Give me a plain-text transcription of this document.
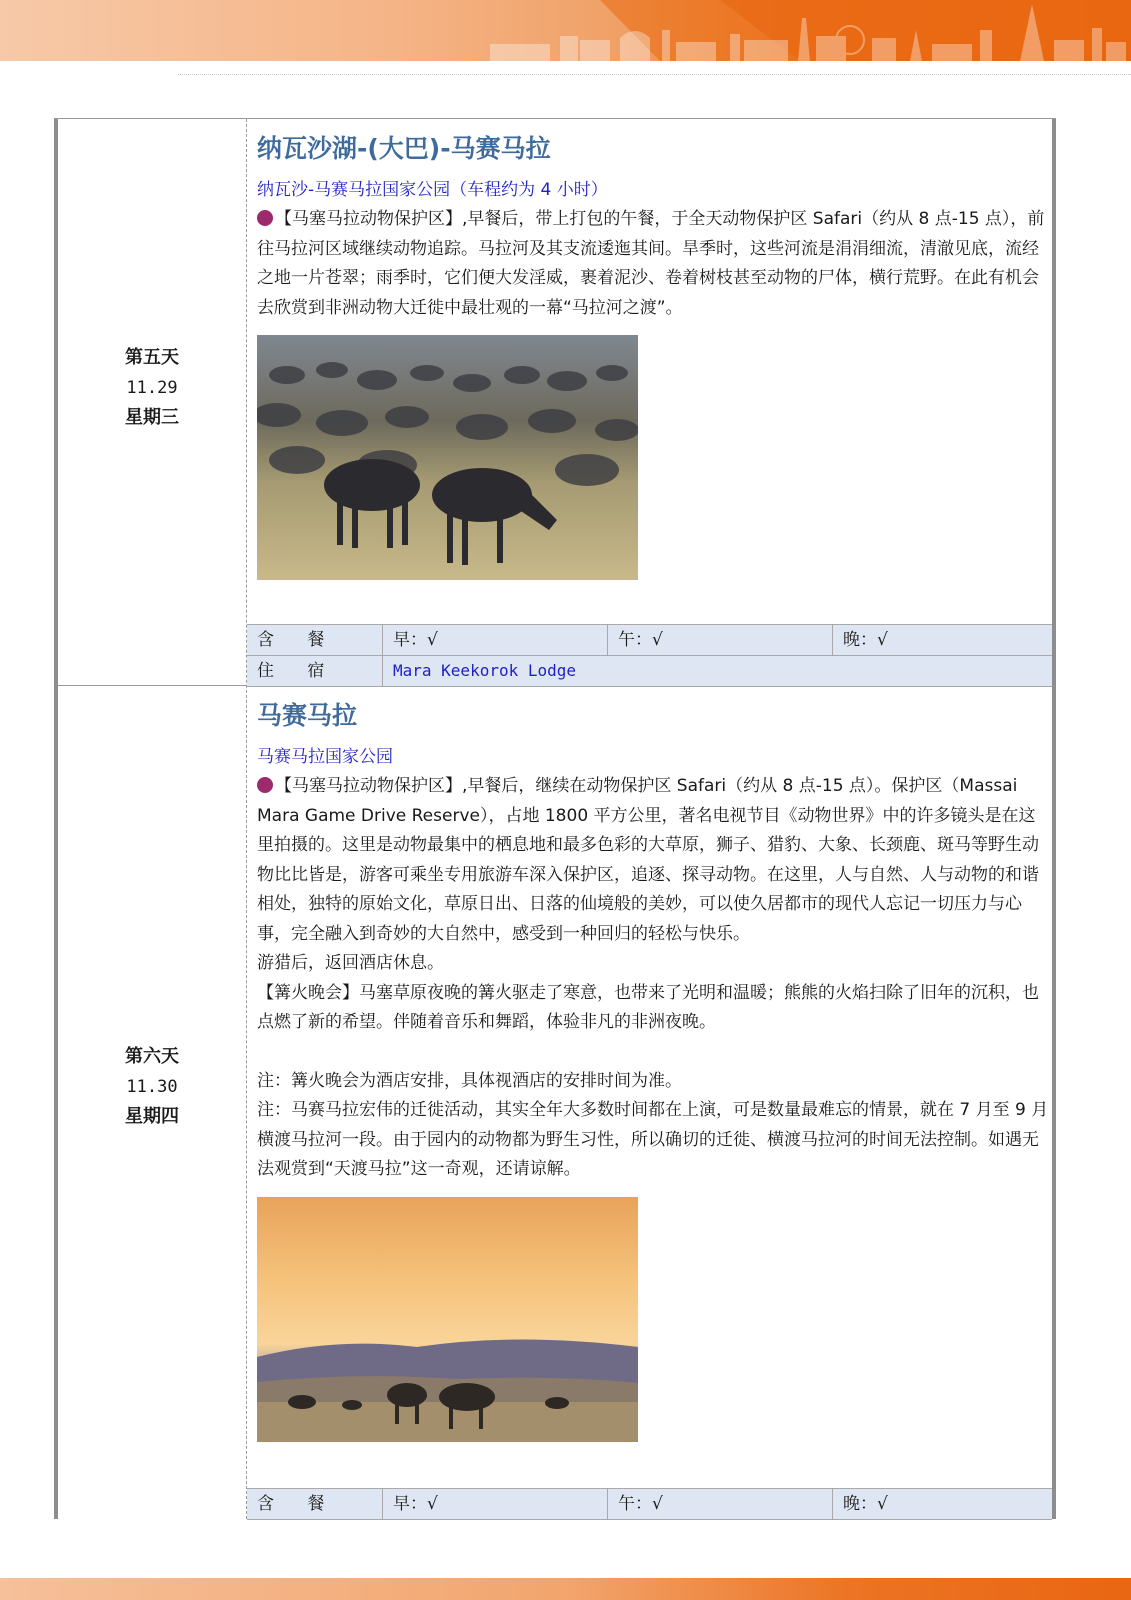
第五天
11.29
星期三
纳瓦沙湖-(大巴)-马赛马拉
纳瓦沙-马赛马拉国家公园（车程约为 4 小时）

【马塞马拉动物保护区】,早餐后，带上打包的午餐，于全天动物保护区 Safari（约从 8 点-15 点），前往马拉河区域继续动物追踪。马拉河及其支流逶迤其间。旱季时，这些河流是涓涓细流，清澈见底，流经之地一片苍翠；雨季时，它们便大发淫威，裹着泥沙、卷着树枝甚至动物的尸体，横行荒野。在此有机会去欣赏到非洲动物大迁徙中最壮观的一幕“马拉河之渡”。

含 餐	早：√	午：√	晚：√
住 宿	Mara Keekorok Lodge
第六天
11.30
星期四
马赛马拉
马赛马拉国家公园

【马塞马拉动物保护区】,早餐后，继续在动物保护区 Safari（约从 8 点-15 点）。保护区（Massai Mara Game Drive Reserve），占地 1800 平方公里，著名电视节目《动物世界》中的许多镜头是在这里拍摄的。这里是动物最集中的栖息地和最多色彩的大草原，狮子、猎豹、大象、长颈鹿、斑马等野生动物比比皆是，游客可乘坐专用旅游车深入保护区，追逐、探寻动物。在这里，人与自然、人与动物的和谐相处，独特的原始文化，草原日出、日落的仙境般的美妙，可以使久居都市的现代人忘记一切压力与心事，完全融入到奇妙的大自然中，感受到一种回归的轻松与快乐。

游猎后，返回酒店休息。

【篝火晚会】马塞草原夜晚的篝火驱走了寒意，也带来了光明和温暖；熊熊的火焰扫除了旧年的沉积，也点燃了新的希望。伴随着音乐和舞蹈，体验非凡的非洲夜晚。

注：篝火晚会为酒店安排，具体视酒店的安排时间为准。

注：马赛马拉宏伟的迁徙活动，其实全年大多数时间都在上演，可是数量最难忘的情景，就在 7 月至 9 月横渡马拉河一段。由于园内的动物都为野生习性，所以确切的迁徙、横渡马拉河的时间无法控制。如遇无法观赏到“天渡马拉”这一奇观，还请谅解。

含 餐	早：√	午：√	晚：√
